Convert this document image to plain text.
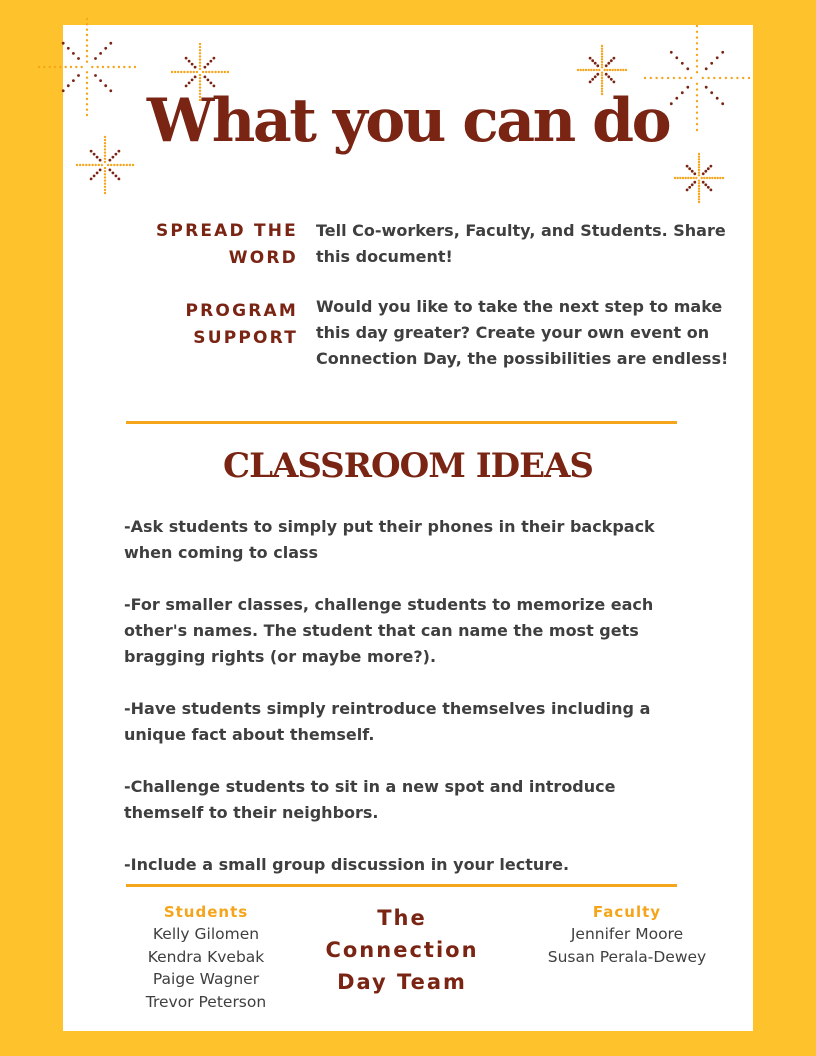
What you can do
SPREAD THE
WORD
Tell Co-workers, Faculty, and Students. Share this document!
PROGRAM
SUPPORT
Would you like to take the next step to make this day greater? Create your own event on Connection Day, the possibilities are endless!
CLASSROOM IDEAS
-Ask students to simply put their phones in their backpack when coming to class
-For smaller classes, challenge students to memorize each other's names. The student that can name the most gets bragging rights (or maybe more?).
-Have students simply reintroduce themselves including a unique fact about themself.
-Challenge students to sit in a new spot and introduce themself to their neighbors.
-Include a small group discussion in your lecture.
Students
Kelly Gilomen
Kendra Kvebak
Paige Wagner
Trevor Peterson
The
Connection
Day Team
Faculty
Jennifer Moore
Susan Perala-Dewey
